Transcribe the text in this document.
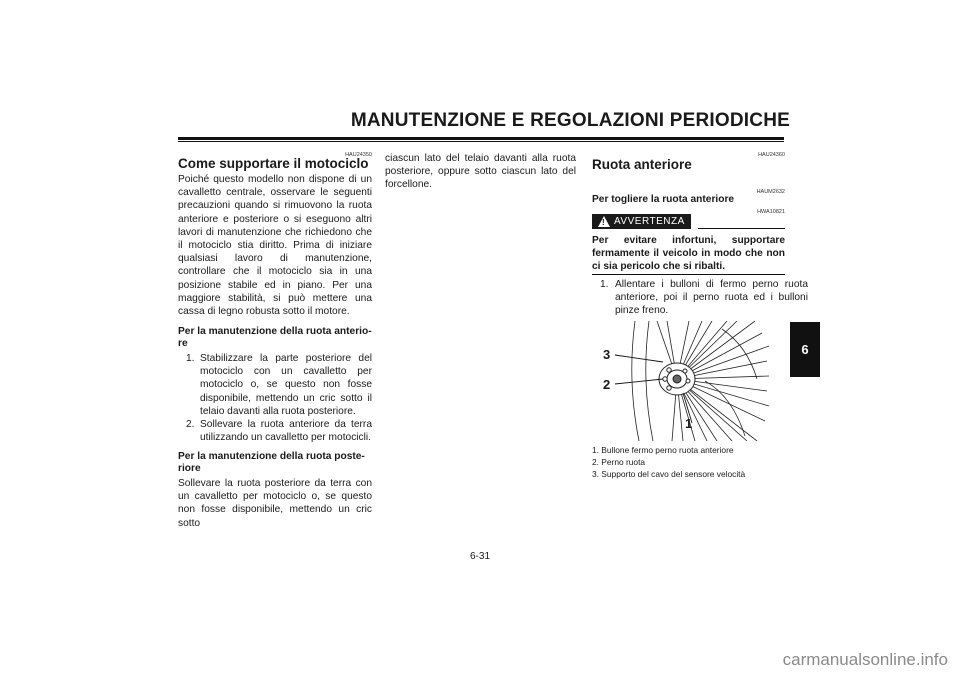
MANUTENZIONE E REGOLAZIONI PERIODICHE
HAU24350
Come supportare il motociclo
Poiché questo modello non dispone di un cavalletto centrale, osservare le seguenti precauzioni quando si rimuovono la ruota anteriore e posteriore o si eseguono altri lavori di manutenzione che richiedono che il motociclo stia diritto. Prima di iniziare qualsiasi lavoro di manutenzione, controllare che il motociclo sia in una posizione stabile ed in piano. Per una maggiore stabilità, si può mettere una cassa di legno robusta sotto il motore.
Per la manutenzione della ruota anterio-
re
1. Stabilizzare la parte posteriore del motociclo con un cavalletto per motociclo o, se questo non fosse disponibile, mettendo un cric sotto il telaio davanti alla ruota posteriore.
2. Sollevare la ruota anteriore da terra utilizzando un cavalletto per motocicli.
Per la manutenzione della ruota poste-
riore
Sollevare la ruota posteriore da terra con un cavalletto per motociclo o, se questo non fosse disponibile, mettendo un cric sotto
ciascun lato del telaio davanti alla ruota posteriore, oppure sotto ciascun lato del forcellone.
HAU24360
Ruota anteriore
HAUM2632
Per togliere la ruota anteriore
HWA10821
! AVVERTENZA
Per evitare infortuni, supportare fermamente il veicolo in modo che non ci sia pericolo che si ribalti.
1. Allentare i bulloni di fermo perno ruota anteriore, poi il perno ruota ed i bulloni pinze freno.
3
2
1
1. Bullone fermo perno ruota anteriore
2. Perno ruota
3. Supporto del cavo del sensore velocità
6
6-31
carmanualsonline.info
